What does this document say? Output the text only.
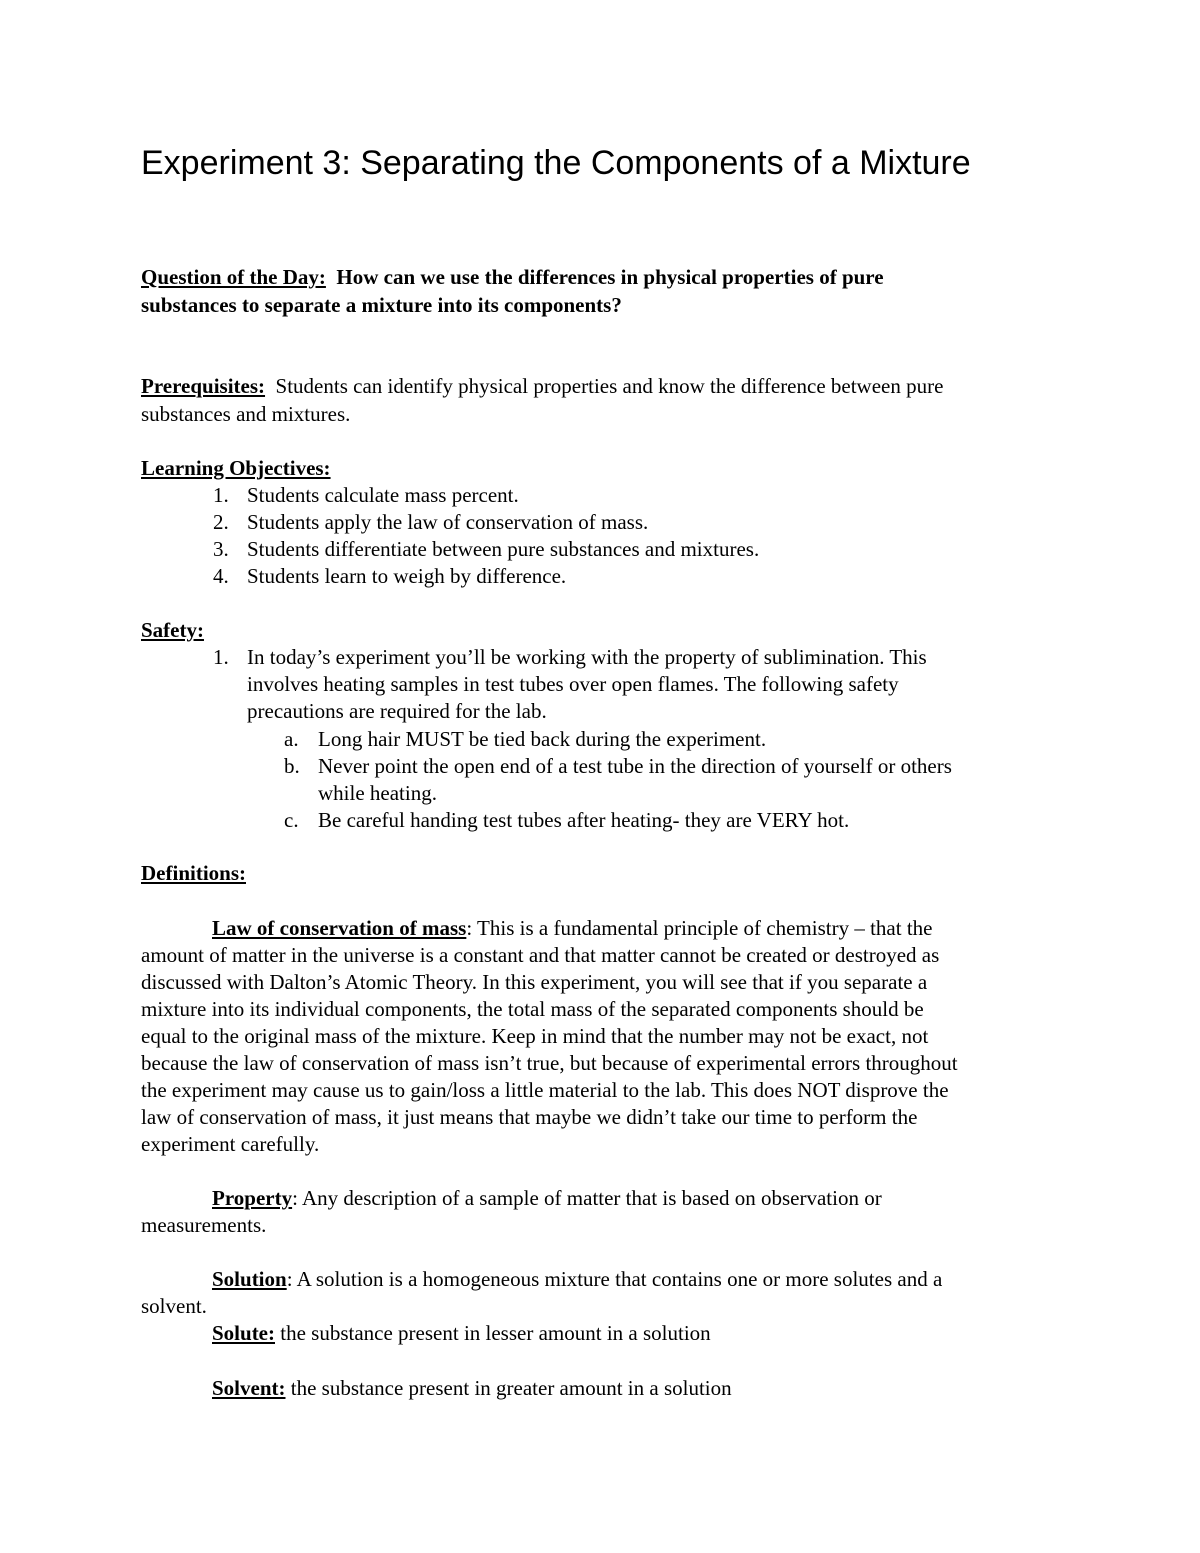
Experiment 3: Separating the Components of a Mixture
Question of the Day: How can we use the differences in physical properties of pure
substances to separate a mixture into its components?
Prerequisites: Students can identify physical properties and know the difference between pure
substances and mixtures.
Learning Objectives:
1. Students calculate mass percent.
2. Students apply the law of conservation of mass.
3. Students differentiate between pure substances and mixtures.
4. Students learn to weigh by difference.
Safety:
1. In today’s experiment you’ll be working with the property of sublimination. This
involves heating samples in test tubes over open flames. The following safety
precautions are required for the lab.
a. Long hair MUST be tied back during the experiment.
b. Never point the open end of a test tube in the direction of yourself or others
while heating.
c. Be careful handing test tubes after heating- they are VERY hot.
Definitions:
Law of conservation of mass: This is a fundamental principle of chemistry – that the
amount of matter in the universe is a constant and that matter cannot be created or destroyed as
discussed with Dalton’s Atomic Theory. In this experiment, you will see that if you separate a
mixture into its individual components, the total mass of the separated components should be
equal to the original mass of the mixture. Keep in mind that the number may not be exact, not
because the law of conservation of mass isn’t true, but because of experimental errors throughout
the experiment may cause us to gain/loss a little material to the lab. This does NOT disprove the
law of conservation of mass, it just means that maybe we didn’t take our time to perform the
experiment carefully.
Property: Any description of a sample of matter that is based on observation or
measurements.
Solution: A solution is a homogeneous mixture that contains one or more solutes and a
solvent.
Solute: the substance present in lesser amount in a solution
Solvent: the substance present in greater amount in a solution
